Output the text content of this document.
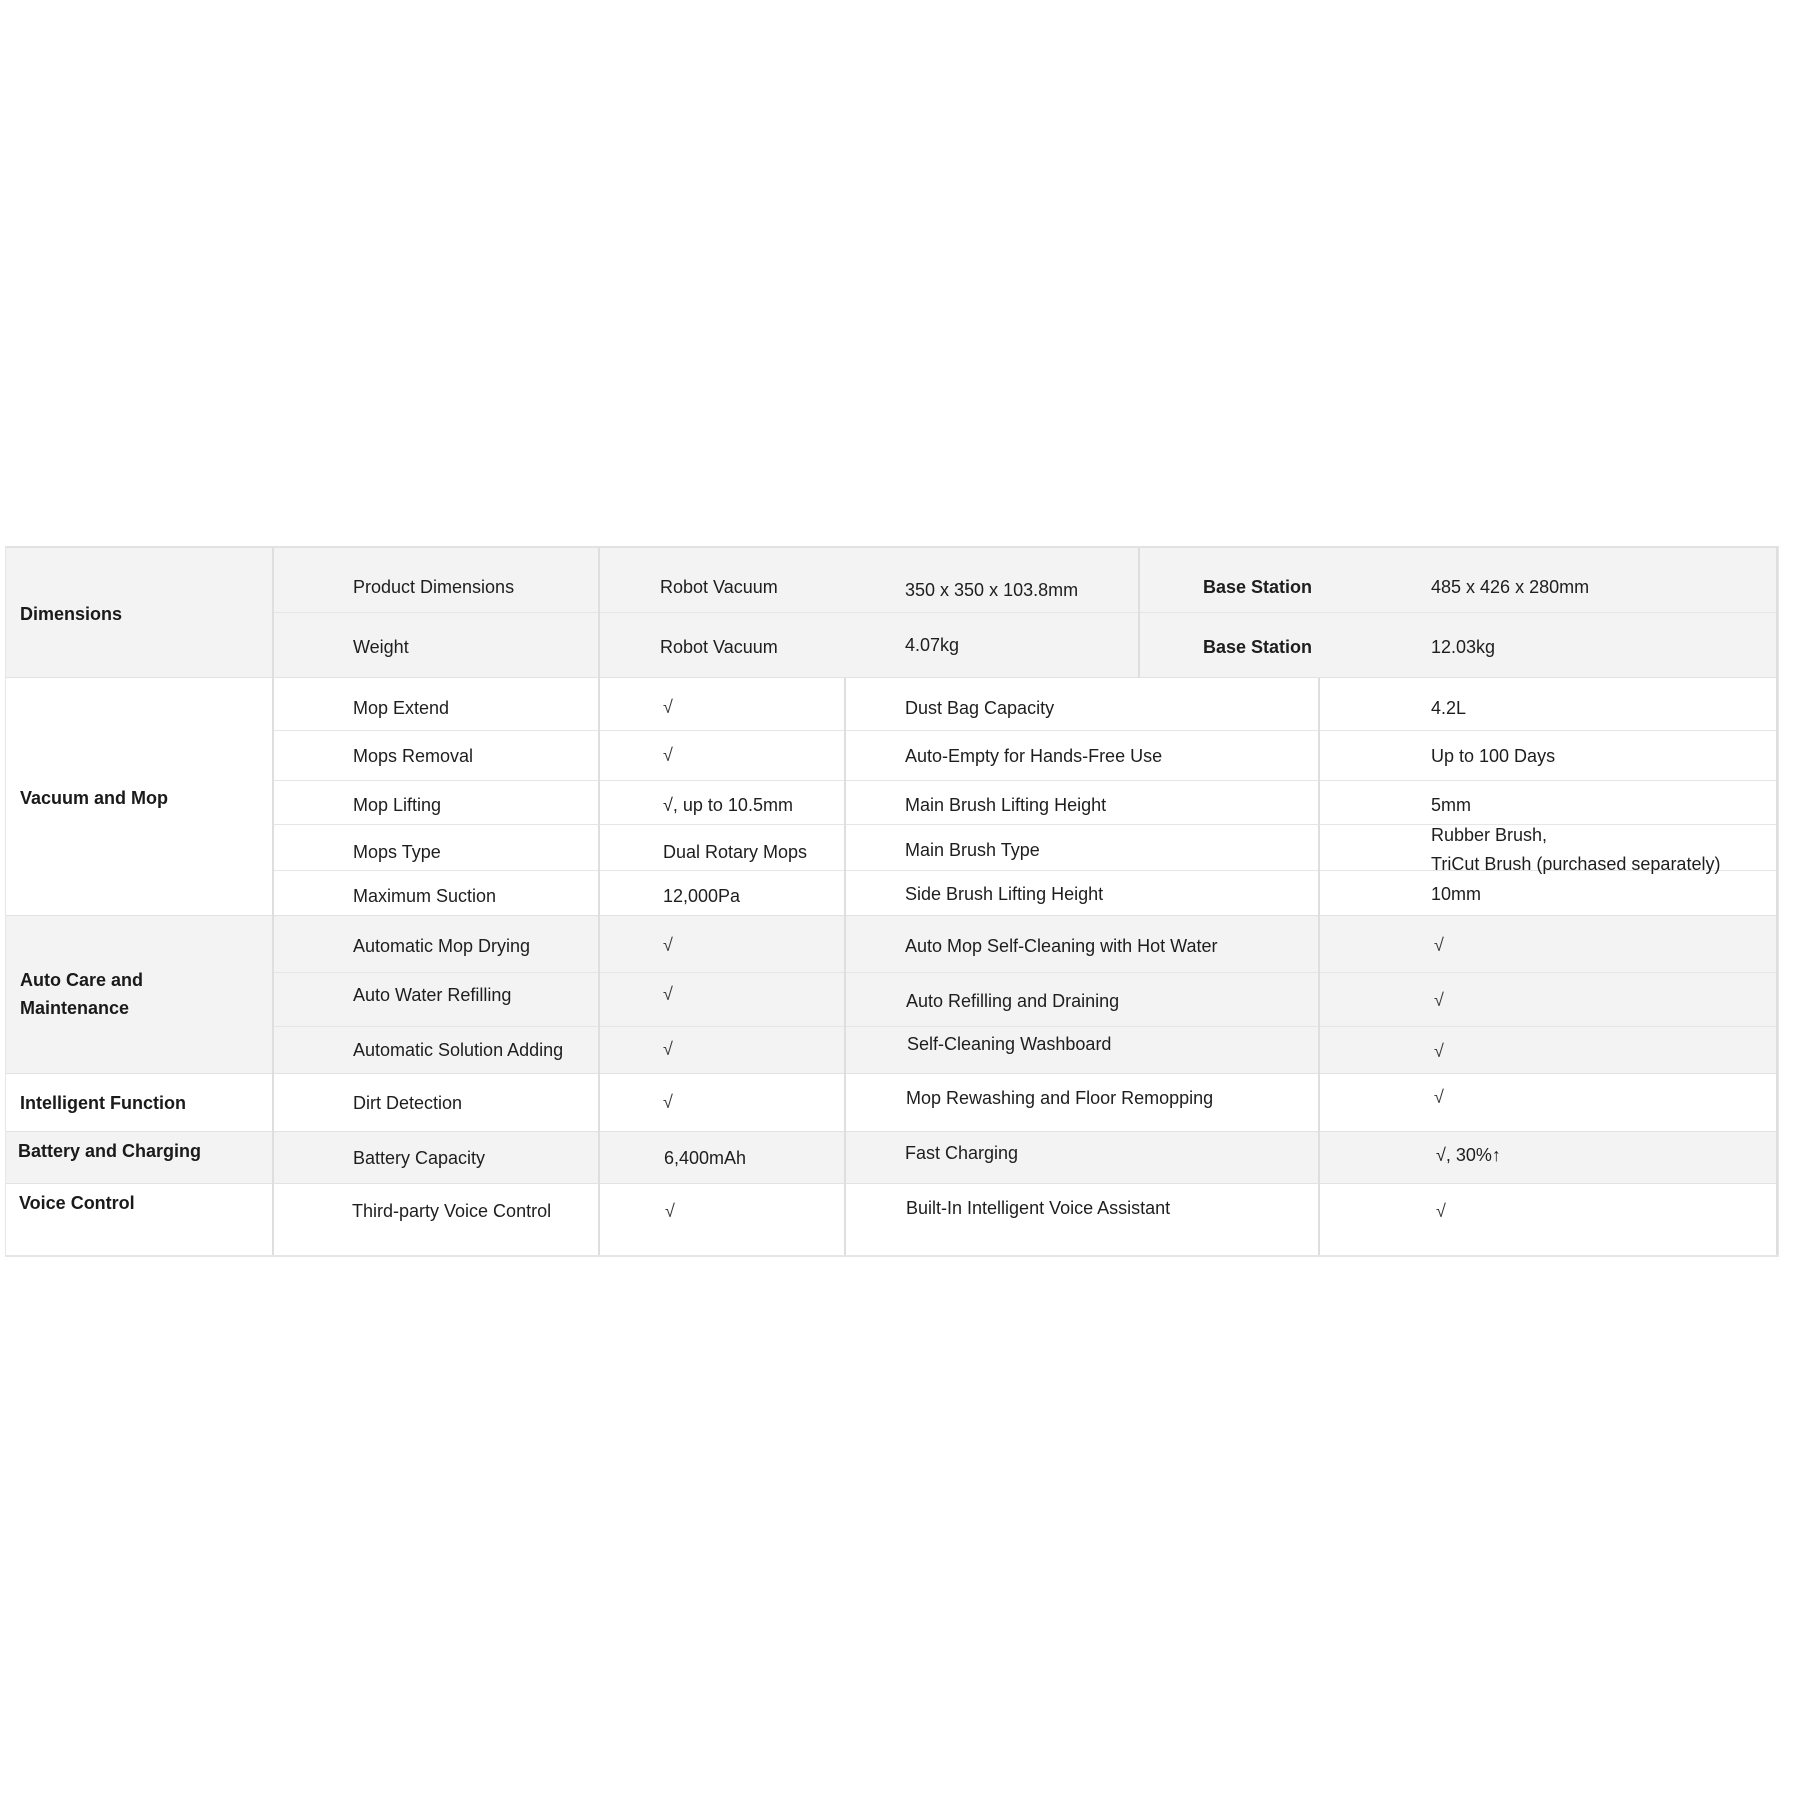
Dimensions
Product Dimensions	Robot Vacuum	350 x 350 x 103.8mm	Base Station	485 x 426 x 280mm
Weight	Robot Vacuum	4.07kg	Base Station	12.03kg
Vacuum and Mop
Mop Extend	√	Dust Bag Capacity	4.2L
Mops Removal	√	Auto-Empty for Hands-Free Use	Up to 100 Days
Mop Lifting	√, up to 10.5mm	Main Brush Lifting Height	5mm
Mops Type	Dual Rotary Mops	Main Brush Type
Rubber Brush,
TriCut Brush (purchased separately)
Maximum Suction	12,000Pa	Side Brush Lifting Height	10mm
Auto Care and
Maintenance
Automatic Mop Drying	√	Auto Mop Self-Cleaning with Hot Water	√
Auto Water Refilling	√	Auto Refilling and Draining	√
Automatic Solution Adding	√	Self-Cleaning Washboard	√
Intelligent Function	Dirt Detection	√	Mop Rewashing and Floor Remopping	√
Battery and Charging	Battery Capacity	6,400mAh	Fast Charging	√, 30%↑
Voice Control	Third-party Voice Control	√	Built-In Intelligent Voice Assistant	√
